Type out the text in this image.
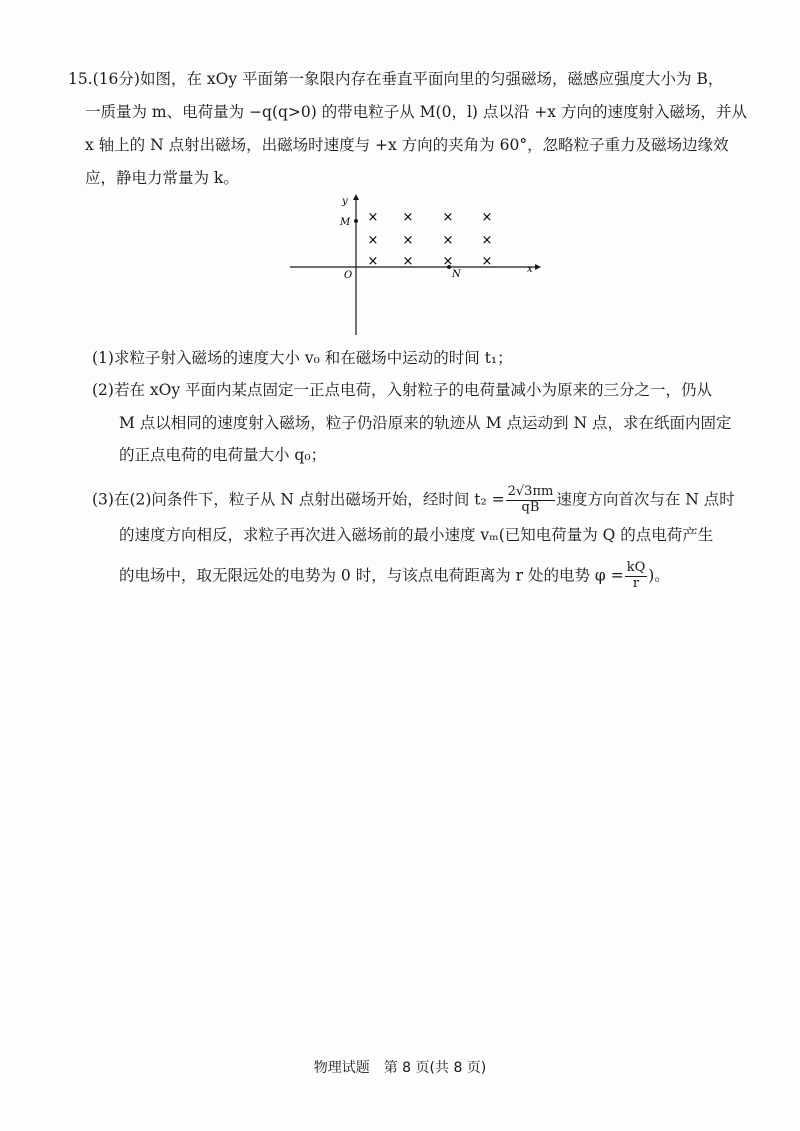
15.(16分)如图，在 xOy 平面第一象限内存在垂直平面向里的匀强磁场，磁感应强度大小为 B，
一质量为 m、电荷量为 −q(q>0) 的带电粒子从 M(0，l) 点以沿 +x 方向的速度射入磁场，并从
x 轴上的 N 点射出磁场，出磁场时速度与 +x 方向的夹角为 60°，忽略粒子重力及磁场边缘效
应，静电力常量为 k。
y
x
O
M
N
× × × ×
× × × ×
× × × ×
(1)求粒子射入磁场的速度大小 v₀ 和在磁场中运动的时间 t₁；
(2)若在 xOy 平面内某点固定一正点电荷，入射粒子的电荷量减小为原来的三分之一，仍从
M 点以相同的速度射入磁场，粒子仍沿原来的轨迹从 M 点运动到 N 点，求在纸面内固定
的正点电荷的电荷量大小 q₀；
(3)在(2)问条件下，粒子从 N 点射出磁场开始，经时间 $t_2 = \frac{2√3\pi m}{qB}$ 速度方向首次与在 N 点时
的速度方向相反，求粒子再次进入磁场前的最小速度 vₘ(已知电荷量为 Q 的点电荷产生
的电场中，取无限远处的电势为 0 时，与该点电荷距离为 r 处的电势 $\varphi = \frac{kQ}{r}$ )。
物理试题　第 8 页(共 8 页)
